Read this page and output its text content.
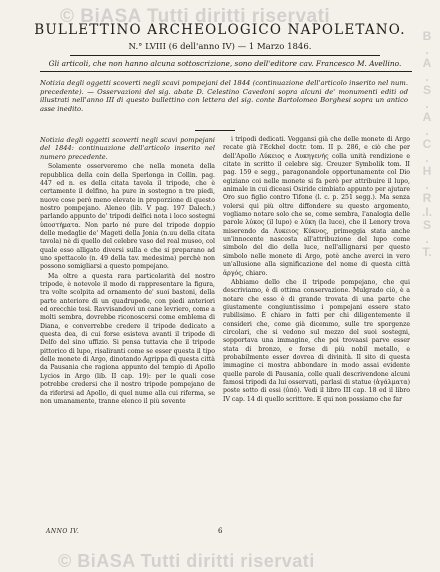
© BiASA Tutti diritti riservati
B.A.S.A.C.H.R.I.S.T.
BULLETTINO ARCHEOLOGICO NAPOLETANO.
N.° LVIII (6 dell'anno IV) — 1 Marzo 1846.
Gli articoli, che non hanno alcuna sottoscrizione, sono dell'editore cav. Francesco M. Avellino.
Notizia degli oggetti scoverti negli scavi pompejani del 1844 (continuazione dell'articolo inserito nel num. precedente). — Osservazioni del sig. abate D. Celestino Cavedoni sopra alcuni de' monumenti editi od illustrati nell'anno III di questo bullettino con lettera del sig. conte Bartolomeo Borghesi sopra un antico asse inedito.

Notizia degli oggetti scoverti negli scavi pompejani del 1844: continuazione dell'articolo inserito nel numero precedente.

Solamente osserveremo che nella moneta della repubblica della coin della Sperlonga in Collin. pag. 447 ed n. es della citata tavola il tripode, che è certamente il delfino, ha pure in sostegno n tre piedi, nuove cose però meno elevate in proporzione di questo nostro pompejano. Aleneo (lib. V pag. 197 Dalech.) parlando appunto de' tripodi delfici nota i loco sostegni ὑποστήματα. Non parlo né pure del tripode doppio delle medaglie de' Mageti della Jonia (n.uu della citata tavola) nè di quello del celebre vaso del real museo, col quale esso alligato diversi sulla e che si preparano ad uno spettacolo (n. 49 della tav. medesima) perchè non possono somigliarsi a questo pompejano.

Ma oltre a questa rara particolarità del nostro tripode, è notevole il modo di rappresentare la figura, tra volte scolpita ad ornamento de' suoi bastoni, della parte anteriore di un quadrupede, con piedi anteriori ed orecchie tesi. Ravvisandovi un cane levriero, come a molti sembra, dovrebbe riconoscersi come emblema di Diana, e converrebbe credere il tripode dedicato a questa dea, di cui forse esisteva avanti il tripode di Delfo del sino uffizio. Si pensa tuttavia che il tripode pittorico di lupo, risaliranti come se esser questa il tipo delle monete di Argo, dinotando Agrippa di questa città da Pausania che ragiona appunto del tempio di Apollo Lycios in Argo (lib. II cap. 19): per le quali cose potrebbe credersi che il nostro tripode pompejano de da riferirsi ad Apollo, di quel nume alla cui riferma, se non umanamente, tranne elenco il più sovente

i tripodi dedicati. Veggansi già che delle monete di Argo recate già l'Eckhel doctr. tom. II p. 286, e ciò che per dell'Apollo Λύκειος e Λυκηγενής colla unità rendizione e citate in scritto il celebre sig. Creuzer Symbolik tom. II pag. 159 e segg., paragonandole opportunamente col Dio egiziano coi nelle monete si fa però per attribuire il lupo, animale in cui diceasi Osiride cimbiato appunto per ajutare Oro suo figlio contro Tifone (l. c. p. 251 segg.). Ma senza volersi qui più oltre diffondere su questo argomento, vogliamo notare solo che se, come sembra, l'analogia delle parole λύκος (il lupo) e λύκη (la luce), che il Lenory trova miserendo da Λυκειος Κύκνος, primeggia stata anche un'innocente nascosta all'attribuzione del lupo come simbolo del dio della luce, nell'allignarsi per questo simbolo nelle monete di Argo, potè anche averci in vero un'allusione alla significazione del nome di questa città ἀργός, chiaro.

Abbiamo dello che il tripode pompejano, che qui descriviamo, è di ottima conservazione. Mulgrado ciò, è a notare che esso è di grande trovata di una parte che giustamente congiuntissimo i pompejani essere stato rubilisimo. È chiaro in fatti per chi diligentemente il consideri che, come già dicemmo, sulle tre sporgenze circolari, che si vedono sul mezzo del suoi sostegni, sopportava una immagine, che poi trovaasi parve esser stata di bronzo, e forse di più nobil metallo, e probabilmente esser dovrea di divinità. Il sito di questa immagine ci mostra abbondare in modo assai evidente quelle parole di Pausania, colle quali descrivendone alcuni famosi tripodi da lui osservati, parlasi di statue (ἀγάλματα) poste sotto di essi (ὑπό). Vedi il libro III cap. 18 ed il libro IV cap. 14 di quello scrittore. E qui non possiamo che far

ANNO IV.	6
© BiASA Tutti diritti riservati
